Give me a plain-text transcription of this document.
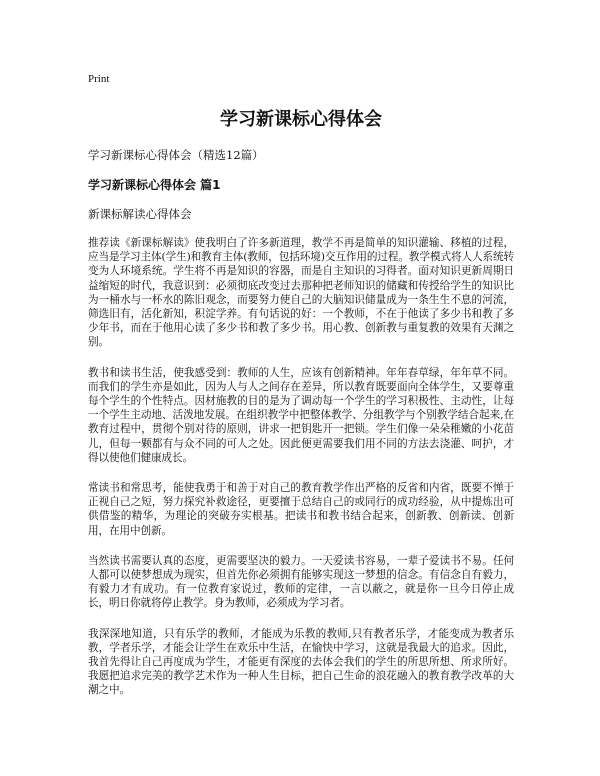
Print

学习新课标心得体会

学习新课标心得体会（精选12篇）

学习新课标心得体会 篇1

新课标解读心得体会

推荐读《新课标解读》使我明白了许多新道理，教学不再是简单的知识灌输、移植的过程，应当是学习主体(学生)和教育主体(教师，包括环境)交互作用的过程。教学模式将人人系统转变为人环境系统。学生将不再是知识的容器，而是自主知识的习得者。面对知识更新周期日益缩短的时代，我意识到：必须彻底改变过去那种把老师知识的储藏和传授给学生的知识比为一桶水与一杯水的陈旧观念，而要努力使自己的大脑知识储量成为一条生生不息的河流，筛选旧有，活化新知，积淀学养。有句话说的好：一个教师，不在于他读了多少书和教了多少年书，而在于他用心读了多少书和教了多少书。用心教、创新教与重复教的效果有天渊之别。

教书和读书生活，使我感受到：教师的人生，应该有创新精神。年年春草绿，年年草不同。而我们的学生亦是如此，因为人与人之间存在差异，所以教育既要面向全体学生，又要尊重每个学生的个性特点。因材施教的目的是为了调动每一个学生的学习积极性、主动性，让每一个学生主动地、活泼地发展。在组织教学中把整体教学、分组教学与个别教学结合起来,在教育过程中，贯彻个别对待的原则，讲求一把钥匙开一把锁。学生们像一朵朵稚嫩的小花苗儿，但每一颗都有与众不同的可人之处。因此便更需要我们用不同的方法去浇灌、呵护，才得以使他们健康成长。

常读书和常思考，能使我勇于和善于对自己的教育教学作出严格的反省和内省，既要不惮于正视自己之短，努力探究补救途径，更要擅于总结自己的或同行的成功经验，从中提炼出可供借鉴的精华，为理论的突破夯实根基。把读书和教书结合起来，创新教、创新读、创新用，在用中创新。

当然读书需要认真的态度，更需要坚决的毅力。一天爱读书容易，一辈子爱读书不易。任何人都可以使梦想成为现实，但首先你必须拥有能够实现这一梦想的信念。有信念自有毅力，有毅力才有成功。有一位教育家说过，教师的定律，一言以蔽之，就是你一旦今日停止成长，明日你就将停止教学。身为教师，必须成为学习者。

我深深地知道，只有乐学的教师，才能成为乐教的教师,只有教者乐学，才能变成为教者乐教，学者乐学，才能会让学生在欢乐中生活，在愉快中学习，这就是我最大的追求。因此，我首先得让自己再度成为学生，才能更有深度的去体会我们的学生的所思所想、所求所好。我愿把追求完美的教学艺术作为一种人生目标，把自己生命的浪花融入的教育教学改革的大潮之中。
